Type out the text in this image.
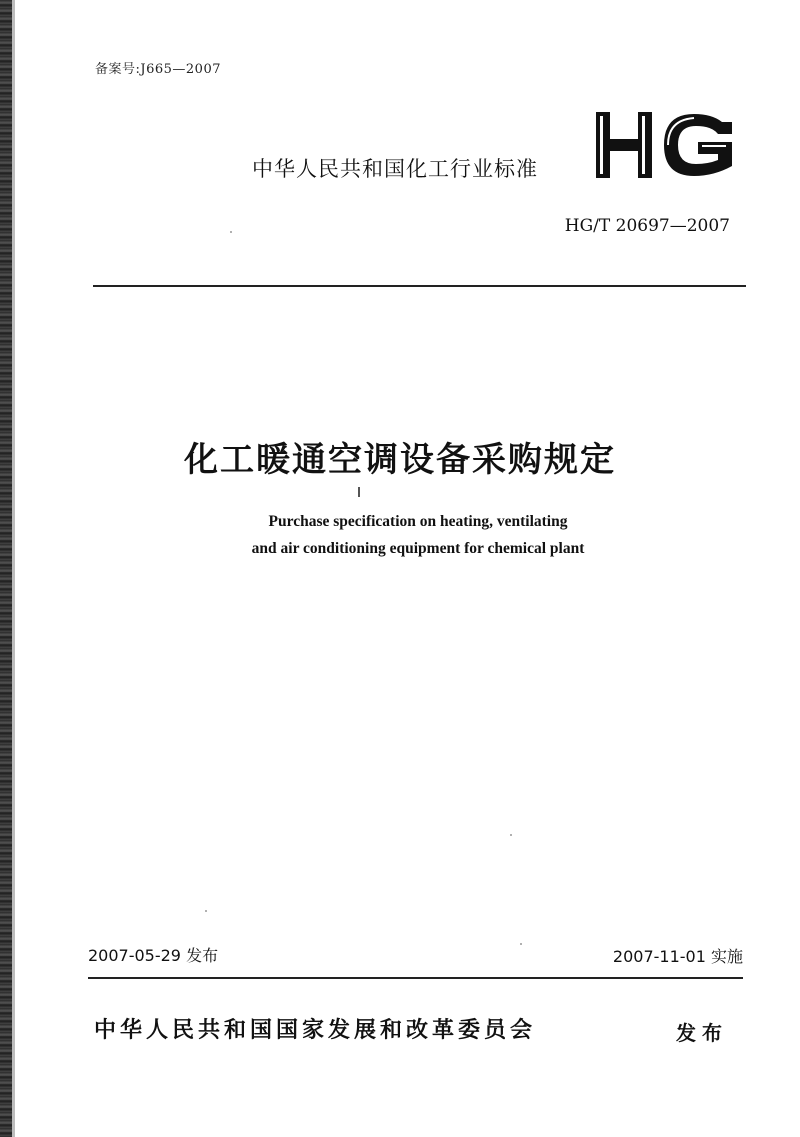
备案号:J665—2007
中华人民共和国化工行业标准
HG/T 20697—2007
化工暖通空调设备采购规定
Purchase specification on heating, ventilating
and air conditioning equipment for chemical plant
2007-05-29 发布	2007-11-01 实施
中华人民共和国国家发展和改革委员会	发布
